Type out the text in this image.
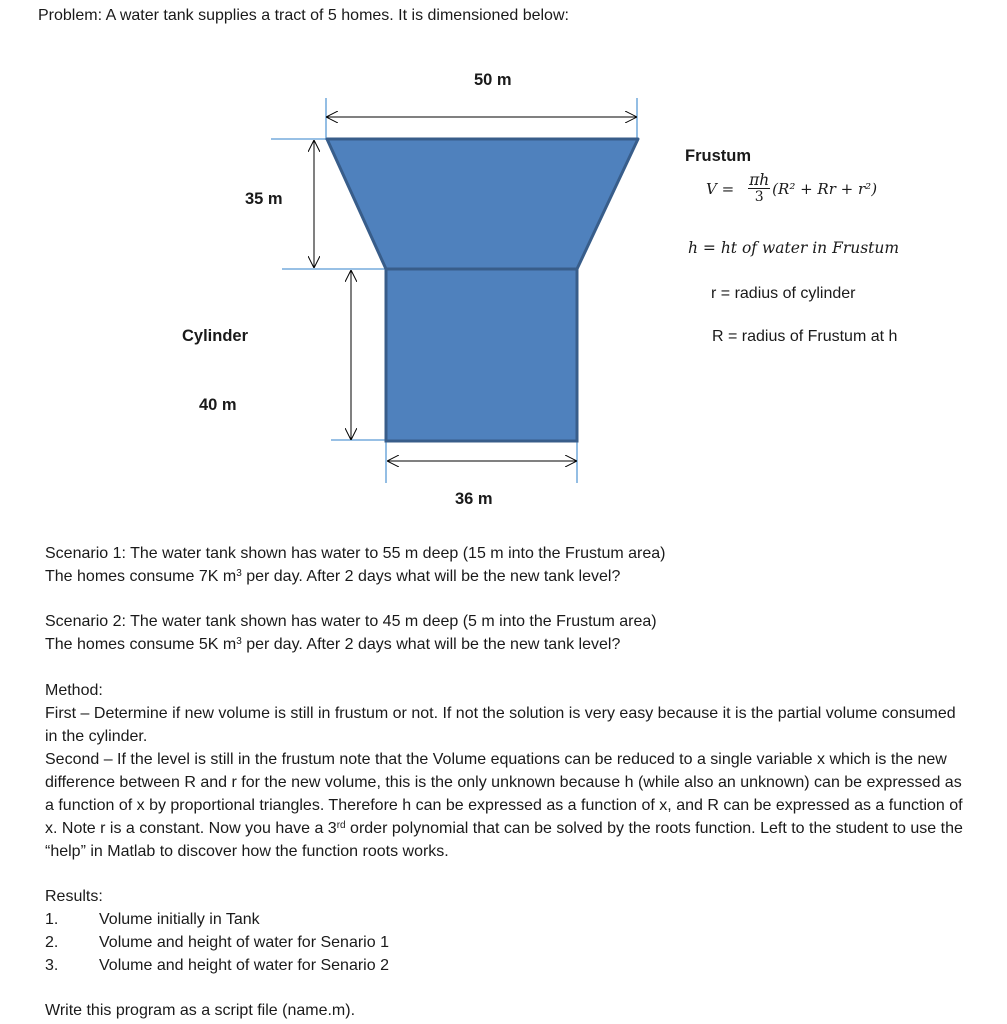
Problem: A water tank supplies a tract of 5 homes. It is dimensioned below:
50 m
35 m
Cylinder
40 m
36 m
Frustum
V = πh
3 (R² + Rr + r²)
h = ht of water in Frustum
r = radius of cylinder
R = radius of Frustum at h
Scenario 1: The water tank shown has water to 55 m deep (15 m into the Frustum area)
The homes consume 7K $m^3$ per day. After 2 days what will be the new tank level?
Scenario 2: The water tank shown has water to 45 m deep (5 m into the Frustum area)
The homes consume 5K $m^3$ per day. After 2 days what will be the new tank level?
Method:
First – Determine if new volume is still in frustum or not. If not the solution is very easy because it is the partial volume consumed in the cylinder.
Second – If the level is still in the frustum note that the Volume equations can be reduced to a single variable x which is the new difference between R and r for the new volume, this is the only unknown because h (while also an unknown) can be expressed as a function of x by proportional triangles. Therefore h can be expressed as a function of x, and R can be expressed as a function of x. Note r is a constant. Now you have a 3rd order polynomial that can be solved by the roots function. Left to the student to use the “help” in Matlab to discover how the function roots works.
Results:
1.	Volume initially in Tank
2.	Volume and height of water for Senario 1
3.	Volume and height of water for Senario 2
Write this program as a script file (name.m).
